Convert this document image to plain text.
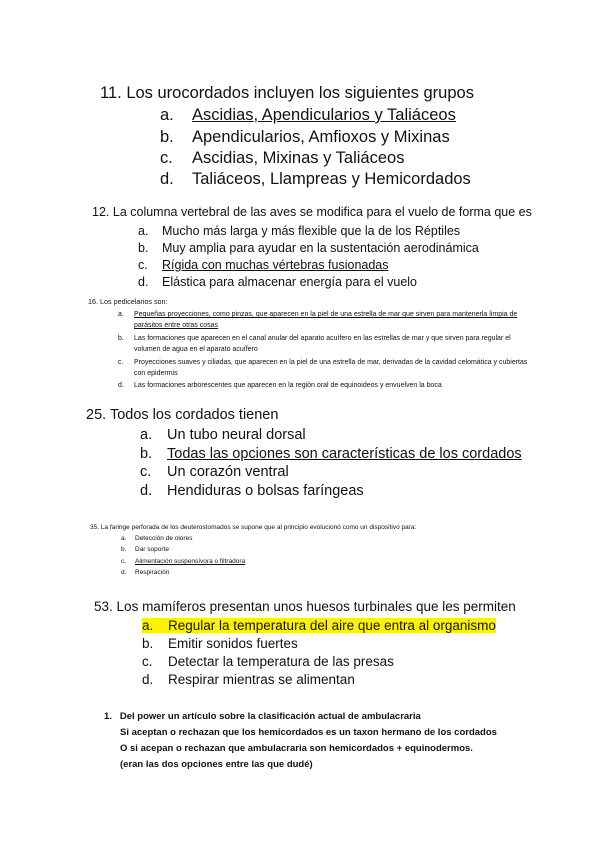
11. Los urocordados incluyen los siguientes grupos
a. Ascidias, Apendicularios y Taliáceos
b. Apendicularios, Amfioxos y Mixinas
c. Ascidias, Mixinas y Taliáceos
d. Taliáceos, Llampreas y Hemicordados
12. La columna vertebral de las aves se modifica para el vuelo de forma que es
a. Mucho más larga y más flexible que la de los Réptiles
b. Muy amplia para ayudar en la sustentación aerodinámica
c. Rígida con muchas vértebras fusionadas
d. Elástica para almacenar energía para el vuelo
16. Los pedicelarios son:
a. Pequeñas proyecciones, como pinzas, que aparecen en la piel de una estrella de mar que sirven para mantenerla limpia de parásitos entre otras cosas
b. Las formaciones que aparecen en el canal anular del aparato acuífero en las estrellas de mar y que sirven para regular el volumen de agua en el aparato acuífero
c. Proyecciones suaves y ciliadas, que aparecen en la piel de una estrella de mar, derivadas de la cavidad celomática y cubiertas con epidermis
d. Las formaciones arborescentes que aparecen en la región oral de equinoideos y envuelven la boca
25. Todos los cordados tienen
a. Un tubo neural dorsal
b. Todas las opciones son características de los cordados
c. Un corazón ventral
d. Hendiduras o bolsas faríngeas
35. La faringe perforada de los deuterostomados se supone que al principio evolucionó como un dispositivo para:
a. Detección de olores
b. Dar soporte
c. Alimentación suspensívora o filtradora
d. Respiración
53. Los mamíferos presentan unos huesos turbinales que les permiten
a. Regular la temperatura del aire que entra al organismo
b. Emitir sonidos fuertes
c. Detectar la temperatura de las presas
d. Respirar mientras se alimentan
1. Del power un artículo sobre la clasificación actual de ambulacraria
Si aceptan o rechazan que los hemicordados es un taxon hermano de los cordados
O si acepan o rechazan que ambulacraria son hemicordados + equinodermos.
(eran las dos opciones entre las que dudé)
